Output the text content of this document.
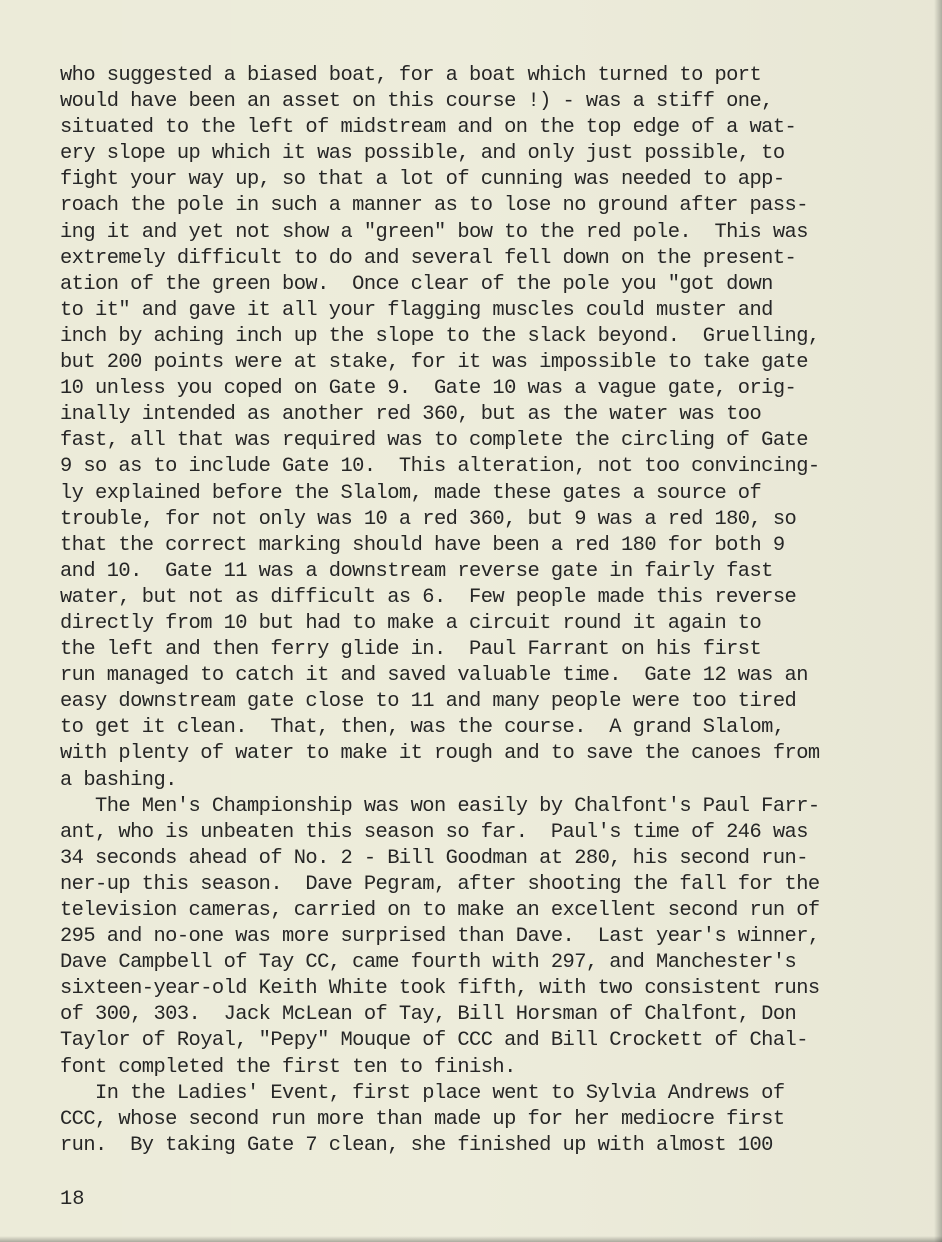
who suggested a biased boat, for a boat which turned to port
would have been an asset on this course !) - was a stiff one,
situated to the left of midstream and on the top edge of a wat-
ery slope up which it was possible, and only just possible, to
fight your way up, so that a lot of cunning was needed to app-
roach the pole in such a manner as to lose no ground after pass-
ing it and yet not show a "green" bow to the red pole.  This was
extremely difficult to do and several fell down on the present-
ation of the green bow.  Once clear of the pole you "got down
to it" and gave it all your flagging muscles could muster and
inch by aching inch up the slope to the slack beyond.  Gruelling,
but 200 points were at stake, for it was impossible to take gate
10 unless you coped on Gate 9.  Gate 10 was a vague gate, orig-
inally intended as another red 360, but as the water was too
fast, all that was required was to complete the circling of Gate
9 so as to include Gate 10.  This alteration, not too convincing-
ly explained before the Slalom, made these gates a source of
trouble, for not only was 10 a red 360, but 9 was a red 180, so
that the correct marking should have been a red 180 for both 9
and 10.  Gate 11 was a downstream reverse gate in fairly fast
water, but not as difficult as 6.  Few people made this reverse
directly from 10 but had to make a circuit round it again to
the left and then ferry glide in.  Paul Farrant on his first
run managed to catch it and saved valuable time.  Gate 12 was an
easy downstream gate close to 11 and many people were too tired
to get it clean.  That, then, was the course.  A grand Slalom,
with plenty of water to make it rough and to save the canoes from
a bashing.
The Men's Championship was won easily by Chalfont's Paul Farr-
ant, who is unbeaten this season so far.  Paul's time of 246 was
34 seconds ahead of No. 2 - Bill Goodman at 280, his second run-
ner-up this season.  Dave Pegram, after shooting the fall for the
television cameras, carried on to make an excellent second run of
295 and no-one was more surprised than Dave.  Last year's winner,
Dave Campbell of Tay CC, came fourth with 297, and Manchester's
sixteen-year-old Keith White took fifth, with two consistent runs
of 300, 303.  Jack McLean of Tay, Bill Horsman of Chalfont, Don
Taylor of Royal, "Pepy" Mouque of CCC and Bill Crockett of Chal-
font completed the first ten to finish.
In the Ladies' Event, first place went to Sylvia Andrews of
CCC, whose second run more than made up for her mediocre first
run.  By taking Gate 7 clean, she finished up with almost 100
18
